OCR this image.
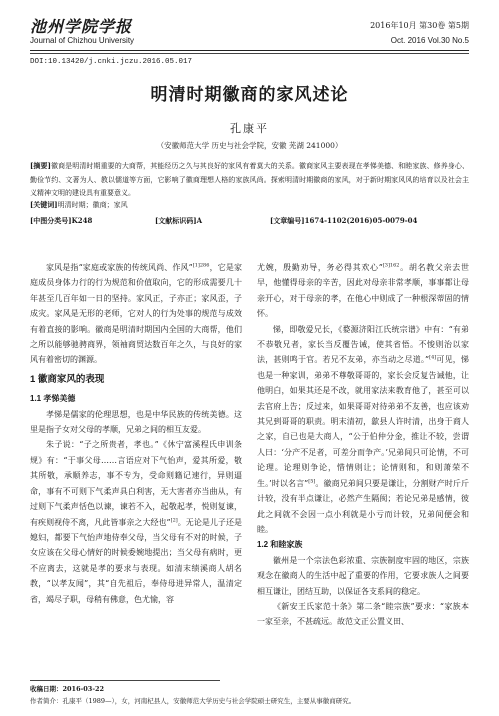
池州学院学报
Journal of Chizhou University
2016年10月 第30卷 第5期
Oct. 2016 Vol.30 No.5
DOI:10.13420/j.cnki.jczu.2016.05.017
明清时期徽商的家风述论
孔康平
（安徽师范大学 历史与社会学院，安徽 芜湖 241000）
[摘要]徽商是明清时期重要的大商帮，其能经历之久与其良好的家风有着莫大的关系。徽商家风主要表现在孝悌美德、和睦家族、修养身心、勤俭节约、文著为人、教以儒道等方面，它影响了徽商理想人格的家族风尚。探索明清时期徽商的家风，对于新时期家风风的培育以及社会主义精神文明的建设具有重要意义。
[关键词]明清时期；徽商；家风
[中图分类号]K248	[文献标识码]A	[文章编号]1674-1102(2016)05-0079-04

家风是指“家庭或家族的传统风尚、作风”$^{[1]286}$，它是家庭成员身体力行的行为规范和价值取向，它的形成需要几十年甚至几百年如一日的坚持。家风正，子亦正；家风歪，子成灾。家风是无形的老师，它对人的行为处事的规范与成效有着直接的影响。徽商是明清时期国内全国的大商帮，他们之所以能够驰骋商界，领袖商贸达数百年之久，与良好的家风有着密切的渊源。

1 徽商家风的表现

1.1 孝悌美德

孝悌是儒家的伦理思想，也是中华民族的传统美德。这里是指子女对父母的孝顺，兄弟之间的相互友爱。

朱子说：“子之所贵者，孝也。”《休宁富溪程氏申训条规》有：“于事父母……言语应对下气怡声，爱其所爱，敬其所敬，承顺养志，事不专为，受命则籍记速行，异则逼命，事有不可则下气柔声具白利害，无大害者亦当曲从，有过则下气柔声恬色以谏，谏若不入，起敬起孝，悦则复谏，有疾则视侍不离，凡此皆事亲之大经也”[2]。无论是儿子还是媳妇，都要下气怡声地侍奉父母，当父母有不对的时候，子女应该在父母心情好的时候委婉地提出；当父母有病时，更不应离去，这就是孝的要求与表现。如清末绩溪商人胡名教，“以孝友闻”，其“自先祖后，奉侍母进异常人，温清定省，竭尽子职，母稍有佛意，色尤愉，容

尤婉，殷勤劝导，务必得其欢心”$^{[3]162}$。胡名教父亲去世早，他懂得母亲的辛苦，因此对母亲非常孝顺，事事都让母亲开心，对于母亲的孝，在他心中则成了一种根深蒂固的情怀。

悌，即敬爱兄长，《婺源济阳江氏统宗谱》中有：“有弟不恭敬兄者，家长当反覆告诫，使其省悟。不悛则治以家法，甚则鸣于官。若兄不友弟，亦当动之尽道。”[4]可见，悌也是一种家训，弟弟不尊敬哥哥的，家长会反复告诫他，让他明白，如果其还是不改，就用家法来教育他了，甚至可以去官府上告；反过来，如果哥哥对待弟弟不友善，也应该劝其兄到哥哥的职责。明末清初，歙县人许时清，出身于商人之家，自已也是大商人，“公于伯仲分金，推让不较，尝谓人曰：‘分产不足者，可差分而争产。’兄弟间只可论情，不可论理。论理则争论，惜情则让；论情则和，和则萧荣不生。’时以名言”[5]。徽商兄弟间只要是谦让，分割财产时斤斤计较，没有半点谦让，必然产生隔阂；若论兄弟是感情，彼此之间就不会因一点小利就是小亏而计较，兄弟间便会和睦。

1.2 和睦家族

徽州是一个宗法色彩浓重、宗族制度牢固的地区，宗族观念在徽商人的生活中起了重要的作用，它要求族人之间要相互谦让，团结互助，以保证各支系间的稳定。

《新安王氏家范十条》第二条“睦宗族”要求：“家族本一家至亲，不甚疏远。故范文正公置义田、

收稿日期：2016-03-22
作者简介：孔康平（1989—），女，河南杞县人，安徽师范大学历史与社会学院硕士研究生，主要从事徽商研究。
